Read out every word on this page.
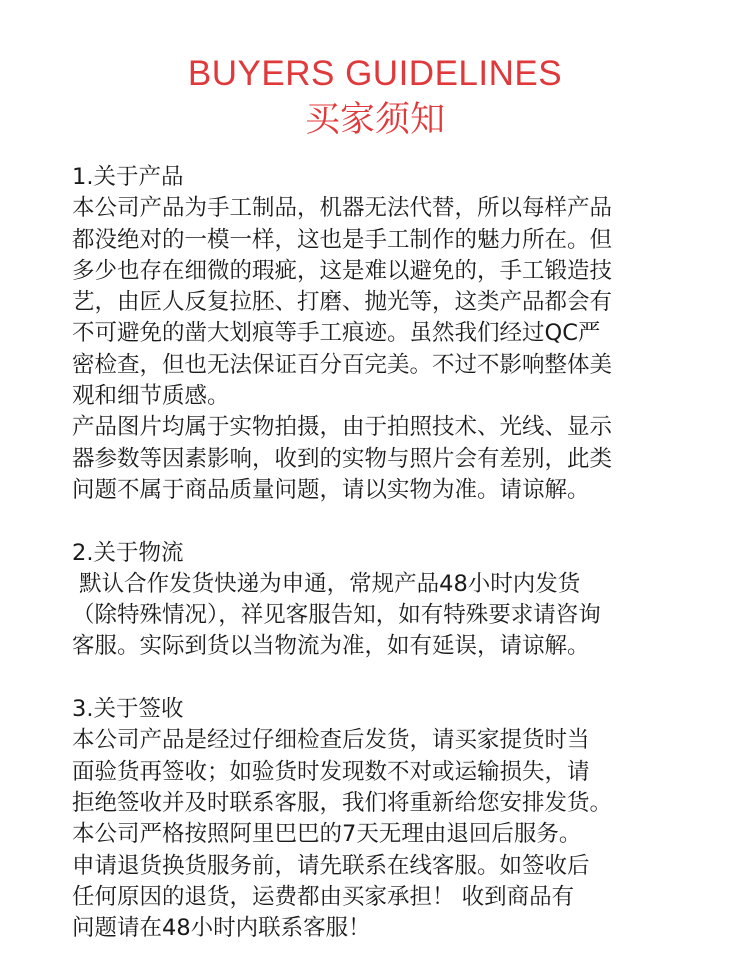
BUYERS GUIDELINES
买家须知
1.关于产品

本公司产品为手工制品，机器无法代替，所以每样产品

都没绝对的一模一样，这也是手工制作的魅力所在。但

多少也存在细微的瑕疵，这是难以避免的，手工锻造技

艺，由匠人反复拉胚、打磨、抛光等，这类产品都会有

不可避免的凿大划痕等手工痕迹。虽然我们经过QC严

密检查，但也无法保证百分百完美。不过不影响整体美

观和细节质感。

产品图片均属于实物拍摄，由于拍照技术、光线、显示

器参数等因素影响，收到的实物与照片会有差别，此类

问题不属于商品质量问题，请以实物为准。请谅解。

2.关于物流

默认合作发货快递为申通，常规产品48小时内发货

（除特殊情况），祥见客服告知，如有特殊要求请咨询

客服。实际到货以当物流为准，如有延误，请谅解。

3.关于签收

本公司产品是经过仔细检查后发货，请买家提货时当

面验货再签收；如验货时发现数不对或运输损失，请

拒绝签收并及时联系客服，我们将重新给您安排发货。

本公司严格按照阿里巴巴的7天无理由退回后服务。

申请退货换货服务前，请先联系在线客服。如签收后

任何原因的退货，运费都由买家承担！ 收到商品有

问题请在48小时内联系客服！
